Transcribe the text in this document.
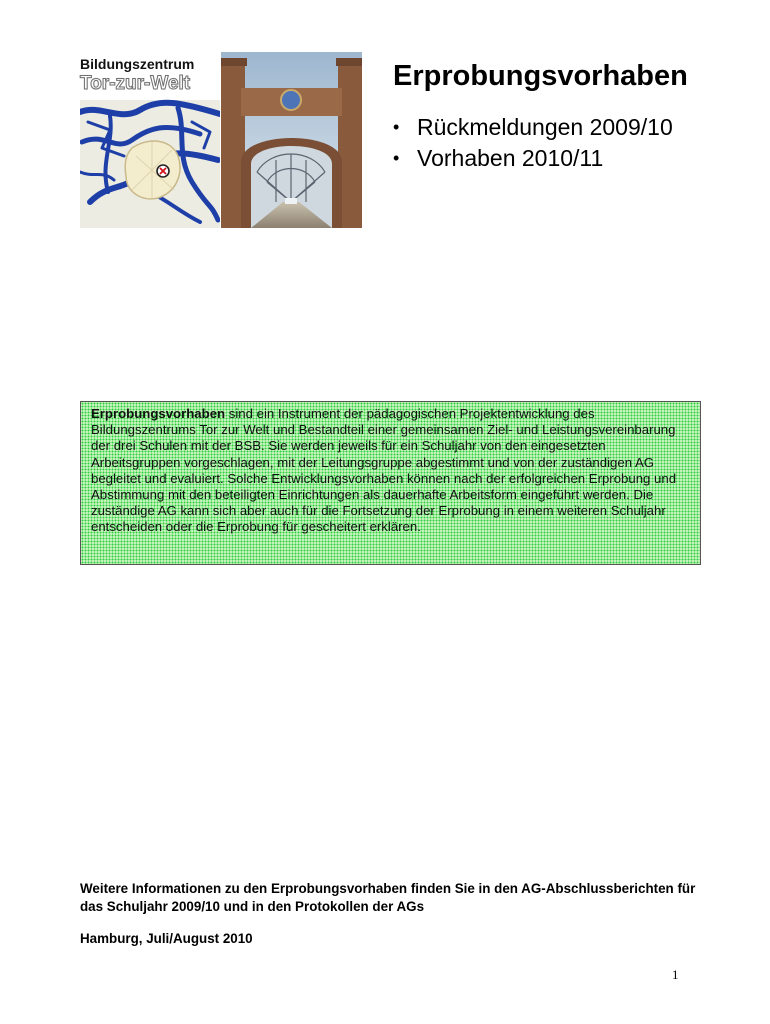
Bildungszentrum
Tor-zur-Welt	Erprobungsvorhaben
• Rückmeldungen 2009/10
• Vorhaben 2010/11
Erprobungsvorhaben sind ein Instrument der pädagogischen Projektentwicklung des Bildungszentrums Tor zur Welt und Bestandteil einer gemeinsamen Ziel- und Leistungsvereinbarung der drei Schulen mit der BSB. Sie werden jeweils für ein Schuljahr von den eingesetzten Arbeitsgruppen vorgeschlagen, mit der Leitungsgruppe abgestimmt und von der zuständigen AG begleitet und evaluiert. Solche Entwicklungsvorhaben können nach der erfolgreichen Erprobung und Abstimmung mit den beteiligten Einrichtungen als dauerhafte Arbeitsform eingeführt werden. Die zuständige AG kann sich aber auch für die Fortsetzung der Erprobung in einem weiteren Schuljahr entscheiden oder die Erprobung für gescheitert erklären.

Weitere Informationen zu den Erprobungsvorhaben finden Sie in den AG-Abschlussberichten für das Schuljahr 2009/10 und in den Protokollen der AGs

Hamburg, Juli/August 2010

1
